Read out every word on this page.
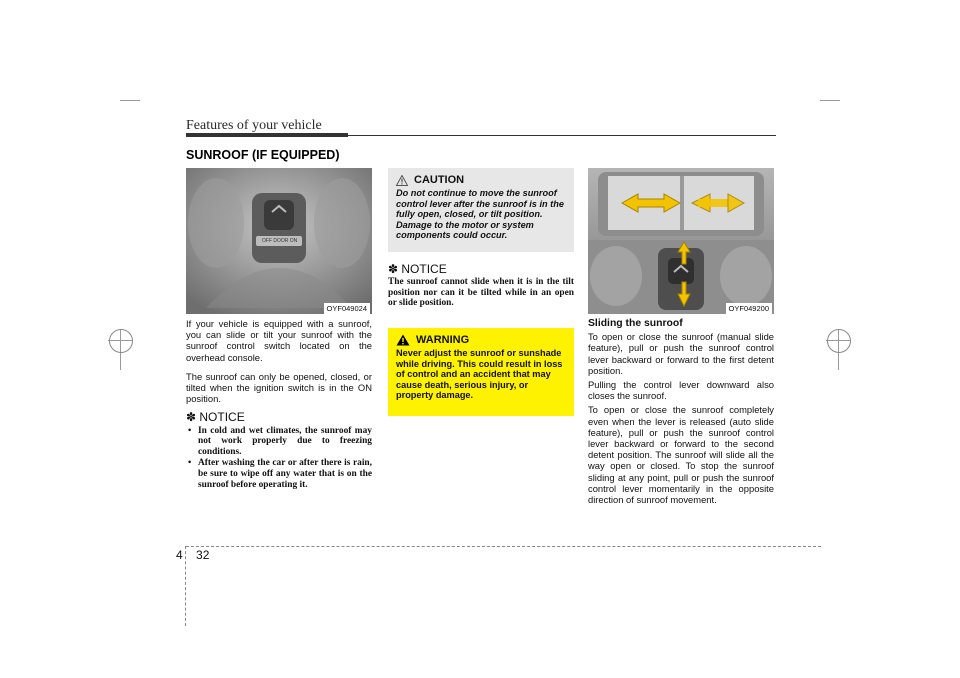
Features of your vehicle
SUNROOF (IF EQUIPPED)
OFF DOOR ON
OYF049024	OYF049200

If your vehicle is equipped with a sunroof, you can slide or tilt your sunroof with the sunroof control switch located on the overhead console.

The sunroof can only be opened, closed, or tilted when the ignition switch is in the ON position.

✽ NOTICE
• In cold and wet climates, the sunroof may not work properly due to freezing conditions.
• After washing the car or after there is rain, be sure to wipe off any water that is on the sunroof before operating it.
CAUTION
Do not continue to move the sunroof control lever after the sunroof is in the fully open, closed, or tilt position. Damage to the motor or system components could occur.
✽ NOTICE
The sunroof cannot slide when it is in the tilt position nor can it be tilted while in an open or slide position.
WARNING
Never adjust the sunroof or sunshade while driving. This could result in loss of control and an accident that may cause death, serious injury, or property damage.
Sliding the sunroof

To open or close the sunroof (manual slide feature), pull or push the sunroof control lever backward or forward to the first detent position.

Pulling the control lever downward also closes the sunroof.

To open or close the sunroof completely even when the lever is released (auto slide feature), pull or push the sunroof control lever backward or forward to the second detent position. The sunroof will slide all the way open or closed. To stop the sunroof sliding at any point, pull or push the sunroof control lever momentarily in the opposite direction of sunroof movement.

4 32
